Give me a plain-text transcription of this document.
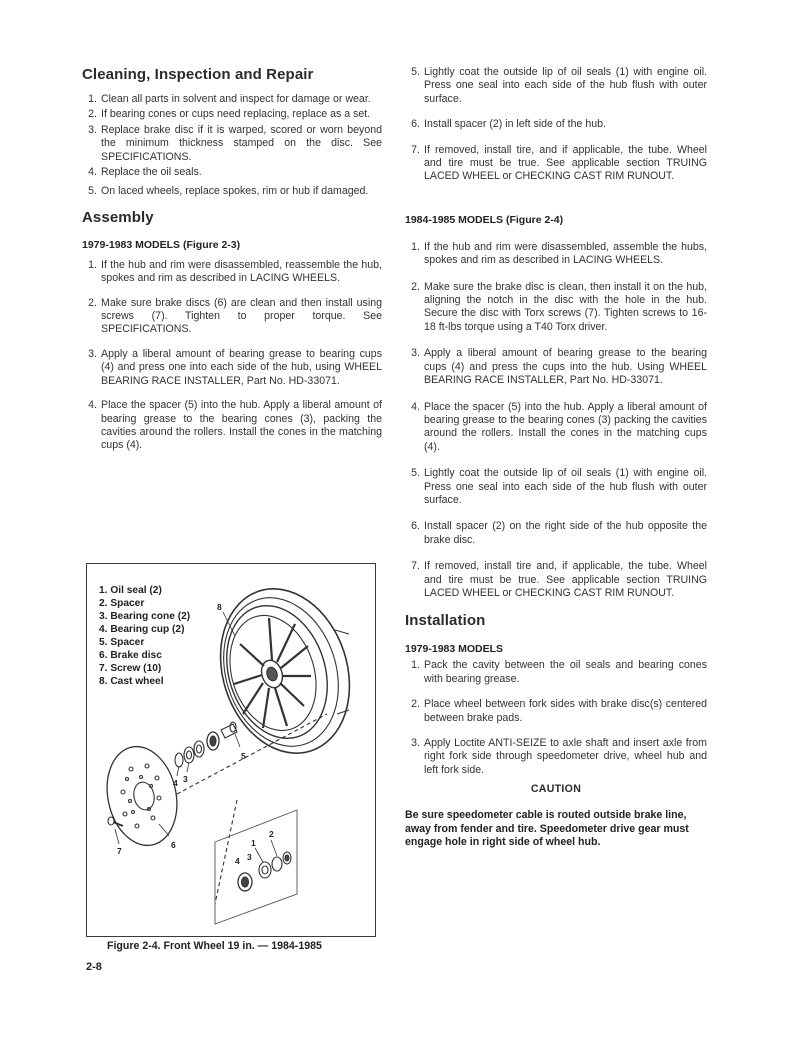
Cleaning, Inspection and Repair
1. Clean all parts in solvent and inspect for damage or wear.
2. If bearing cones or cups need replacing, replace as a set.
3. Replace brake disc if it is warped, scored or worn beyond the minimum thickness stamped on the disc. See SPECIFICATIONS.
4. Replace the oil seals.
5. On laced wheels, replace spokes, rim or hub if damaged.
Assembly
1979-1983 MODELS (Figure 2-3)
1. If the hub and rim were disassembled, reassemble the hub, spokes and rim as described in LACING WHEELS.
2. Make sure brake discs (6) are clean and then install using screws (7). Tighten to proper torque. See SPECIFICATIONS.
3. Apply a liberal amount of bearing grease to bearing cups (4) and press one into each side of the hub, using WHEEL BEARING RACE INSTALLER, Part No. HD-33071.
4. Place the spacer (5) into the hub. Apply a liberal amount of bearing grease to the bearing cones (3), packing the cavities around the rollers. Install the cones in the matching cups (4).
1. Oil seal (2)
2. Spacer
3. Bearing cone (2)
4. Bearing cup (2)
5. Spacer
6. Brake disc
7. Screw (10)
8. Cast wheel
8
5
3
4
6
7
4
1
2
3
Figure 2-4. Front Wheel 19 in. — 1984-1985
2-8
5. Lightly coat the outside lip of oil seals (1) with engine oil. Press one seal into each side of the hub flush with outer surface.
6. Install spacer (2) in left side of the hub.
7. If removed, install tire, and if applicable, the tube. Wheel and tire must be true. See applicable section TRUING LACED WHEEL or CHECKING CAST RIM RUNOUT.
1984-1985 MODELS (Figure 2-4)
1. If the hub and rim were disassembled, assemble the hubs, spokes and rim as described in LACING WHEELS.
2. Make sure the brake disc is clean, then install it on the hub, aligning the notch in the disc with the hole in the hub. Secure the disc with Torx screws (7). Tighten screws to 16-18 ft-lbs torque using a T40 Torx driver.
3. Apply a liberal amount of bearing grease to the bearing cups (4) and press the cups into the hub. Using WHEEL BEARING RACE INSTALLER, Part No. HD-33071.
4. Place the spacer (5) into the hub. Apply a liberal amount of bearing grease to the bearing cones (3) packing the cavities around the rollers. Install the cones in the matching cups (4).
5. Lightly coat the outside lip of oil seals (1) with engine oil. Press one seal into each side of the hub flush with outer surface.
6. Install spacer (2) on the right side of the hub opposite the brake disc.
7. If removed, install tire and, if applicable, the tube. Wheel and tire must be true. See applicable section TRUING LACED WHEEL or CHECKING CAST RIM RUNOUT.
Installation
1979-1983 MODELS
1. Pack the cavity between the oil seals and bearing cones with bearing grease.
2. Place wheel between fork sides with brake disc(s) centered between brake pads.
3. Apply Loctite ANTI-SEIZE to axle shaft and insert axle from right fork side through speedometer drive, wheel hub and left fork side.
CAUTION
Be sure speedometer cable is routed outside brake line, away from fender and tire. Speedometer drive gear must engage hole in right side of wheel hub.
